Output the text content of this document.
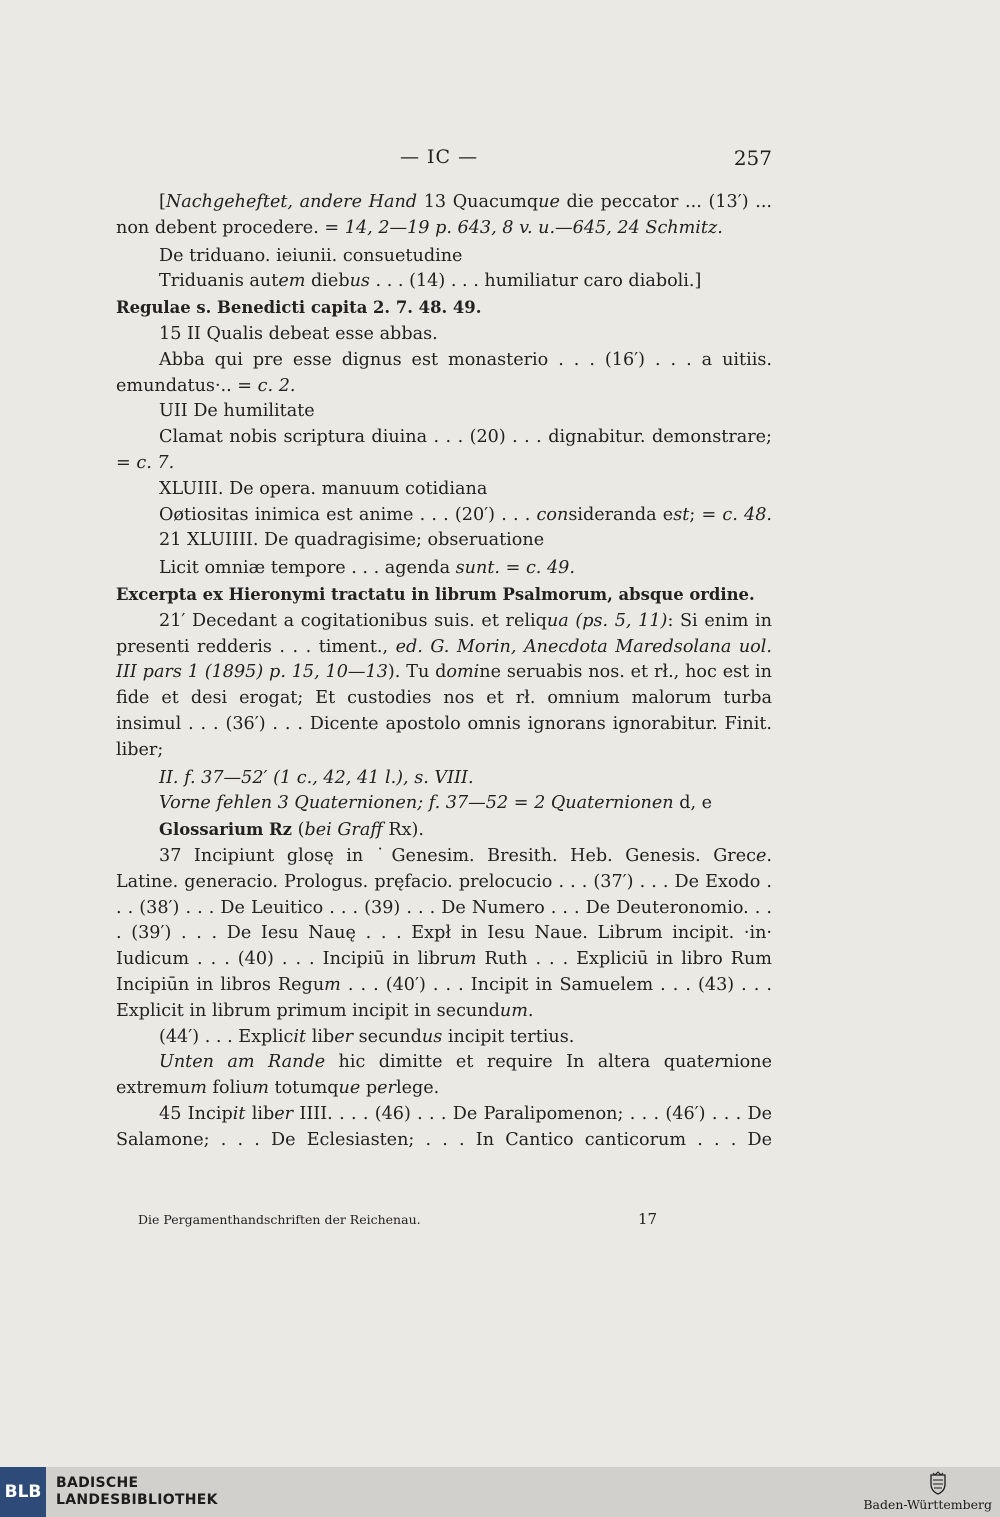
— IC —	257

[Nachgeheftet, andere Hand 13 Quacumque die peccator ... (13′) ...

non debent procedere. = 14, 2—19 p. 643, 8 v. u.—645, 24 Schmitz.

De triduano. ieiunii. consuetudine

Triduanis autem diebus . . . (14) . . . humiliatur caro diaboli.]

Regulae s. Benedicti capita 2. 7. 48. 49.

15 II Qualis debeat esse abbas.

Abba qui pre esse dignus est monasterio . . . (16′) . . . a uitiis.

emundatus·.. = c. 2.

UII De humilitate

Clamat nobis scriptura diuina . . . (20) . . . dignabitur. demonstrare;

= c. 7.

XLUIII. De opera. manuum cotidiana

Oøtiositas inimica est anime . . . (20′) . . . consideranda est; = c. 48.

21 XLUIIII. De quadragisime; obseruatione

Licit omniæ tempore . . . agenda sunt. = c. 49.

Excerpta ex Hieronymi tractatu in librum Psalmorum, absque ordine.

21′ Decedant a cogitationibus suis. et reliqua (ps. 5, 11): Si enim in presenti redderis . . . timent., ed. G. Morin, Anecdota Maredsolana uol. III pars 1 (1895) p. 15, 10—13). Tu domine seruabis nos. et rł., hoc est in fide et desi erogat; Et custodies nos et rł. omnium malorum turba insimul . . . (36′) . . . Dicente apostolo omnis ignorans ignorabitur. Finit. liber;

II. f. 37—52′ (1 c., 42, 41 l.), s. VIII.

Vorne fehlen 3 Quaternionen; f. 37—52 = 2 Quaternionen d, e

Glossarium Rz (bei Graff Rx).

37 Incipiunt glosę in ˙Genesim. Bresith. Heb. Genesis. Grece. Latine. generacio. Prologus. pręfacio. prelocucio . . . (37′) . . . De Exodo . . . (38′) . . . De Leuitico . . . (39) . . . De Numero . . . De Deuteronomio. . . . (39′) . . . De Iesu Nauę . . . Expł in Iesu Naue. Librum incipit. ·in· Iudicum . . . (40) . . . Incipiū in librum Ruth . . . Expliciū in libro Rum Incipiūn in libros Regum . . . (40′) . . . Incipit in Samuelem . . . (43) . . . Explicit in librum primum incipit in secundum.

(44′) . . . Explicit liber secundus incipit tertius.

Unten am Rande hic dimitte et require In altera quaternione extremum folium totumque perlege.

45 Incipit liber IIII. . . . (46) . . . De Paralipomenon; . . . (46′) . . . De Salamone; . . . De Eclesiasten; . . . In Cantico canticorum . . . De

Die Pergamenthandschriften der Reichenau.	17
BLB	BADISCHE
LANDESBIBLIOTHEK	Baden-Württemberg
